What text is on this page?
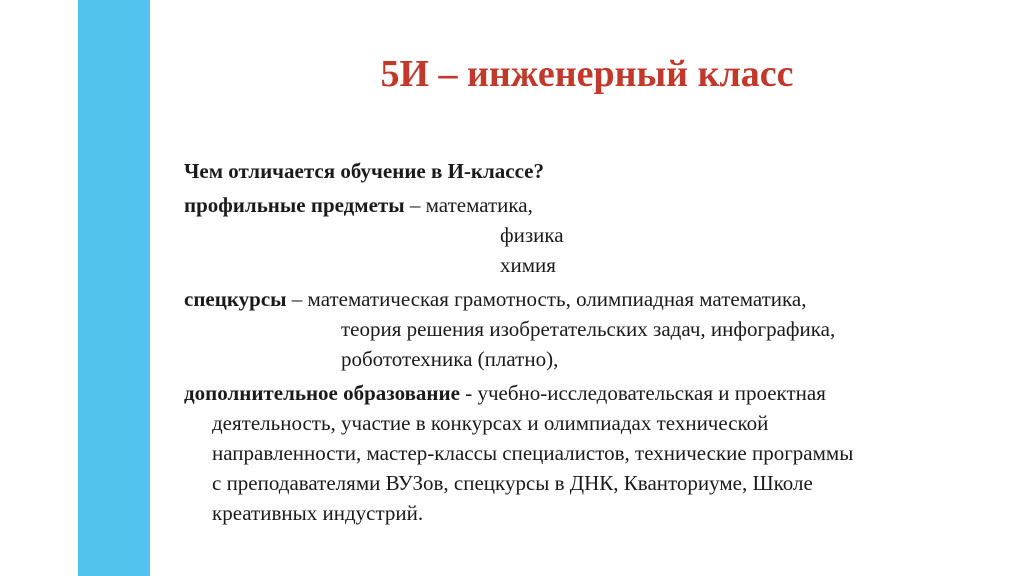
5И – инженерный класс
Чем отличается обучение в И-классе?
профильные предметы – математика,
физика
химия
спецкурсы – математическая грамотность, олимпиадная математика,
теория решения изобретательских задач, инфографика,
робототехника (платно),
дополнительное образование - учебно-исследовательская и проектная
деятельность, участие в конкурсах и олимпиадах технической
направленности, мастер-классы специалистов, технические программы
с преподавателями ВУЗов, спецкурсы в ДНК, Кванториуме, Школе
креативных индустрий.
